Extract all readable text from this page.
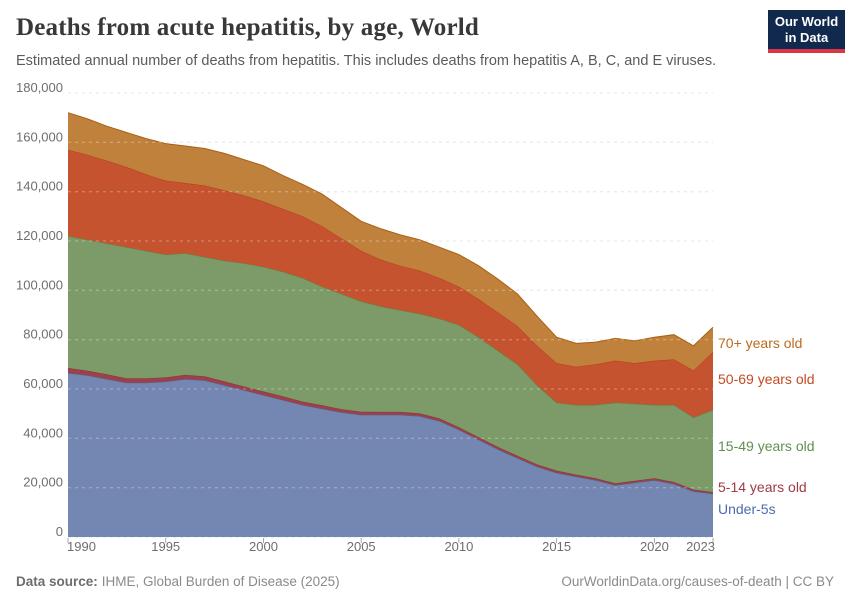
Deaths from acute hepatitis, by age, World
Estimated annual number of deaths from hepatitis. This includes deaths from hepatitis A, B, C, and E viruses.
Our World
in Data
0
20,000
40,000
60,000
80,000
100,000
120,000
140,000
160,000
180,000
1990	1995	2000	2005	2010	2015	2020 2023
70+ years old
50-69 years old
15-49 years old
5-14 years old
Under-5s
Data source: IHME, Global Burden of Disease (2025)	OurWorldinData.org/causes-of-death | CC BY
